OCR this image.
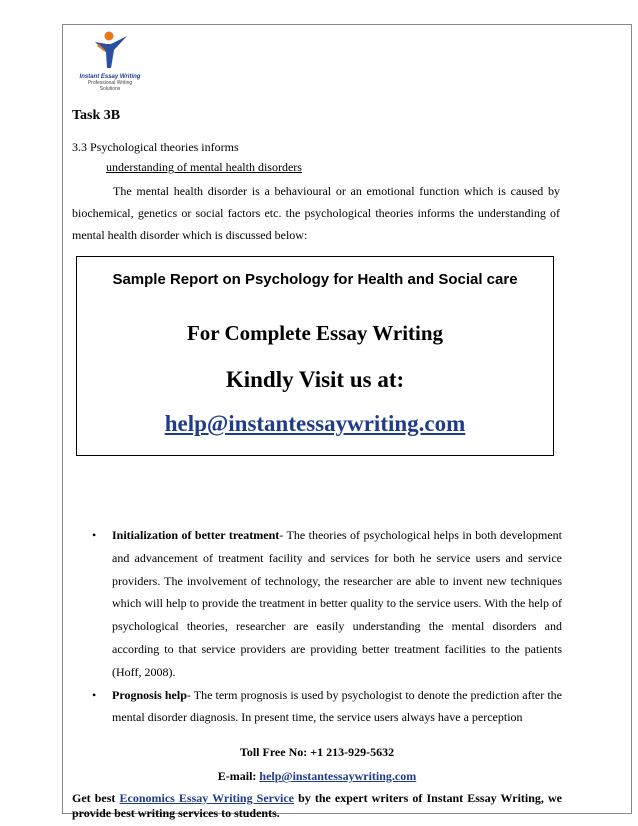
Instant Essay Writing
Professional Writing
Solutions
Task 3B
3.3 Psychological theories informs
understanding of mental health disorders

The mental health disorder is a behavioural or an emotional function which is caused by biochemical, genetics or social factors etc. the psychological theories informs the understanding of mental health disorder which is discussed below:

Sample Report on Psychology for Health and Social care
For Complete Essay Writing
Kindly Visit us at:
help@instantessaywriting.com
• Initialization of better treatment- The theories of psychological helps in both development and advancement of treatment facility and services for both he service users and service providers. The involvement of technology, the researcher are able to invent new techniques which will help to provide the treatment in better quality to the service users. With the help of psychological theories, researcher are easily understanding the mental disorders and according to that service providers are providing better treatment facilities to the patients (Hoff, 2008).
• Prognosis help- The term prognosis is used by psychologist to denote the prediction after the mental disorder diagnosis. In present time, the service users always have a perception
Toll Free No: +1 213-929-5632
E-mail: help@instantessaywriting.com
Get best Economics Essay Writing Service by the expert writers of Instant Essay Writing, we provide best writing services to students.
